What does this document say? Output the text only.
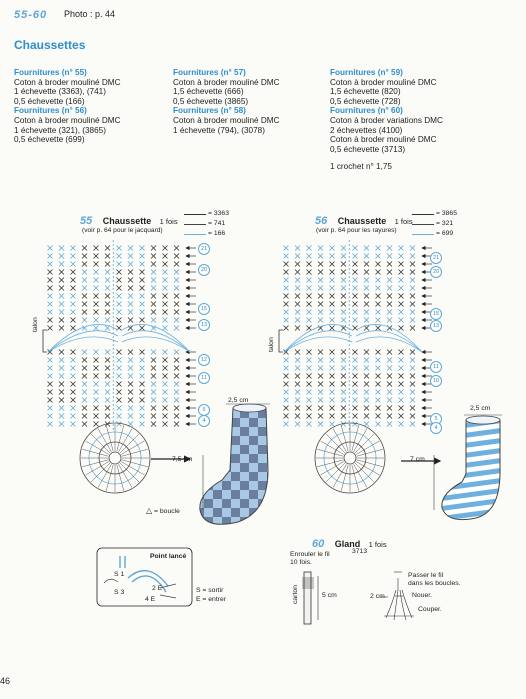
55-60 Photo : p. 44
Chaussettes
Fournitures (n° 55)
Coton à broder mouliné DMC
1 échevette (3363), (741)
0,5 échevette (166)
Fournitures (n° 56)
Coton à broder mouliné DMC
1 échevette (321), (3865)
0,5 échevette (699)
Fournitures (n° 57)
Coton à broder mouliné DMC
1,5 échevette (666)
0,5 échevette (3865)
Fournitures (n° 58)
Coton à broder mouliné DMC
1 échevette (794), (3078)
Fournitures (n° 59)
Coton à broder mouliné DMC
1,5 échevette (820)
0,5 échevette (728)
Fournitures (n° 60)
Coton à broder variations DMC
2 échevettes (4100)
Coton à broder mouliné DMC
0,5 échevette (3713)
1 crochet n° 1,75
55 Chaussette 1 fois
(voir p. 64 pour le jacquard)
= 3363
= 741
= 166
56 Chaussette 1 fois
(voir p. 64 pour les rayures)
= 3865
= 321
= 699
talon
talon
21
20
15
13
12
11
5
4
21
20
15
13
11
10
5
4
2,5 cm
7,5 cm
2,5 cm
7 cm
△ = boucle
Point lancé
S 1
S 3
2 E
4 E
S = sortir
E = entrer
60 Gland 1 fois
3713
Enrouler le fil
10 fois.
carton	5 cm	2 cm
Passer le fil
dans les boucles.
Nouer.
Couper.
46
